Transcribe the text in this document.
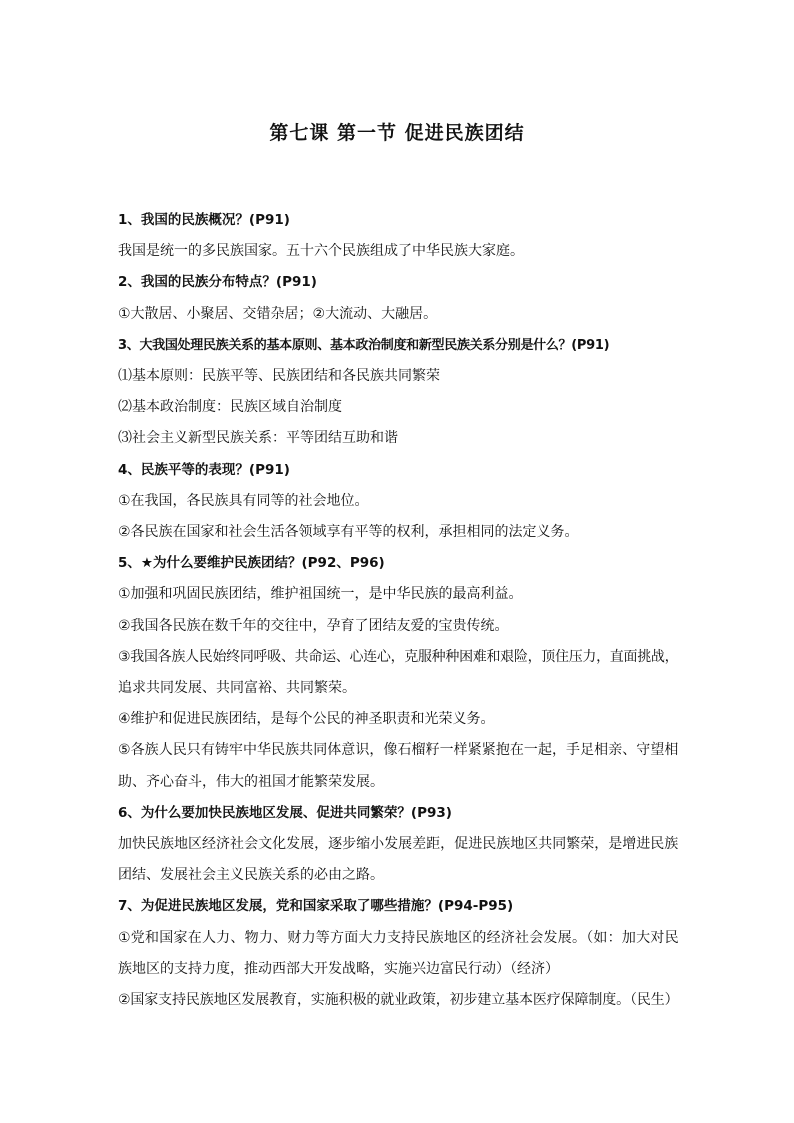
第七课 第一节 促进民族团结
1、我国的民族概况？(P91)
我国是统一的多民族国家。五十六个民族组成了中华民族大家庭。
2、我国的民族分布特点？(P91)
①大散居、小聚居、交错杂居；②大流动、大融居。
3、大我国处理民族关系的基本原则、基本政治制度和新型民族关系分别是什么？(P91)
⑴基本原则：民族平等、民族团结和各民族共同繁荣
⑵基本政治制度：民族区域自治制度
⑶社会主义新型民族关系：平等团结互助和谐
4、民族平等的表现？(P91)
①在我国，各民族具有同等的社会地位。
②各民族在国家和社会生活各领域享有平等的权利，承担相同的法定义务。
5、★为什么要维护民族团结？(P92、P96)
①加强和巩固民族团结，维护祖国统一，是中华民族的最高利益。
②我国各民族在数千年的交往中，孕育了团结友爱的宝贵传统。
③我国各族人民始终同呼吸、共命运、心连心，克服种种困难和艰险，顶住压力，直面挑战，
追求共同发展、共同富裕、共同繁荣。
④维护和促进民族团结，是每个公民的神圣职责和光荣义务。
⑤各族人民只有铸牢中华民族共同体意识，像石榴籽一样紧紧抱在一起，手足相亲、守望相
助、齐心奋斗，伟大的祖国才能繁荣发展。
6、为什么要加快民族地区发展、促进共同繁荣？(P93)
加快民族地区经济社会文化发展，逐步缩小发展差距，促进民族地区共同繁荣，是增进民族
团结、发展社会主义民族关系的必由之路。
7、为促进民族地区发展，党和国家采取了哪些措施？(P94-P95)
①党和国家在人力、物力、财力等方面大力支持民族地区的经济社会发展。（如：加大对民
族地区的支持力度，推动西部大开发战略，实施兴边富民行动）（经济）
②国家支持民族地区发展教育，实施积极的就业政策，初步建立基本医疗保障制度。（民生）
